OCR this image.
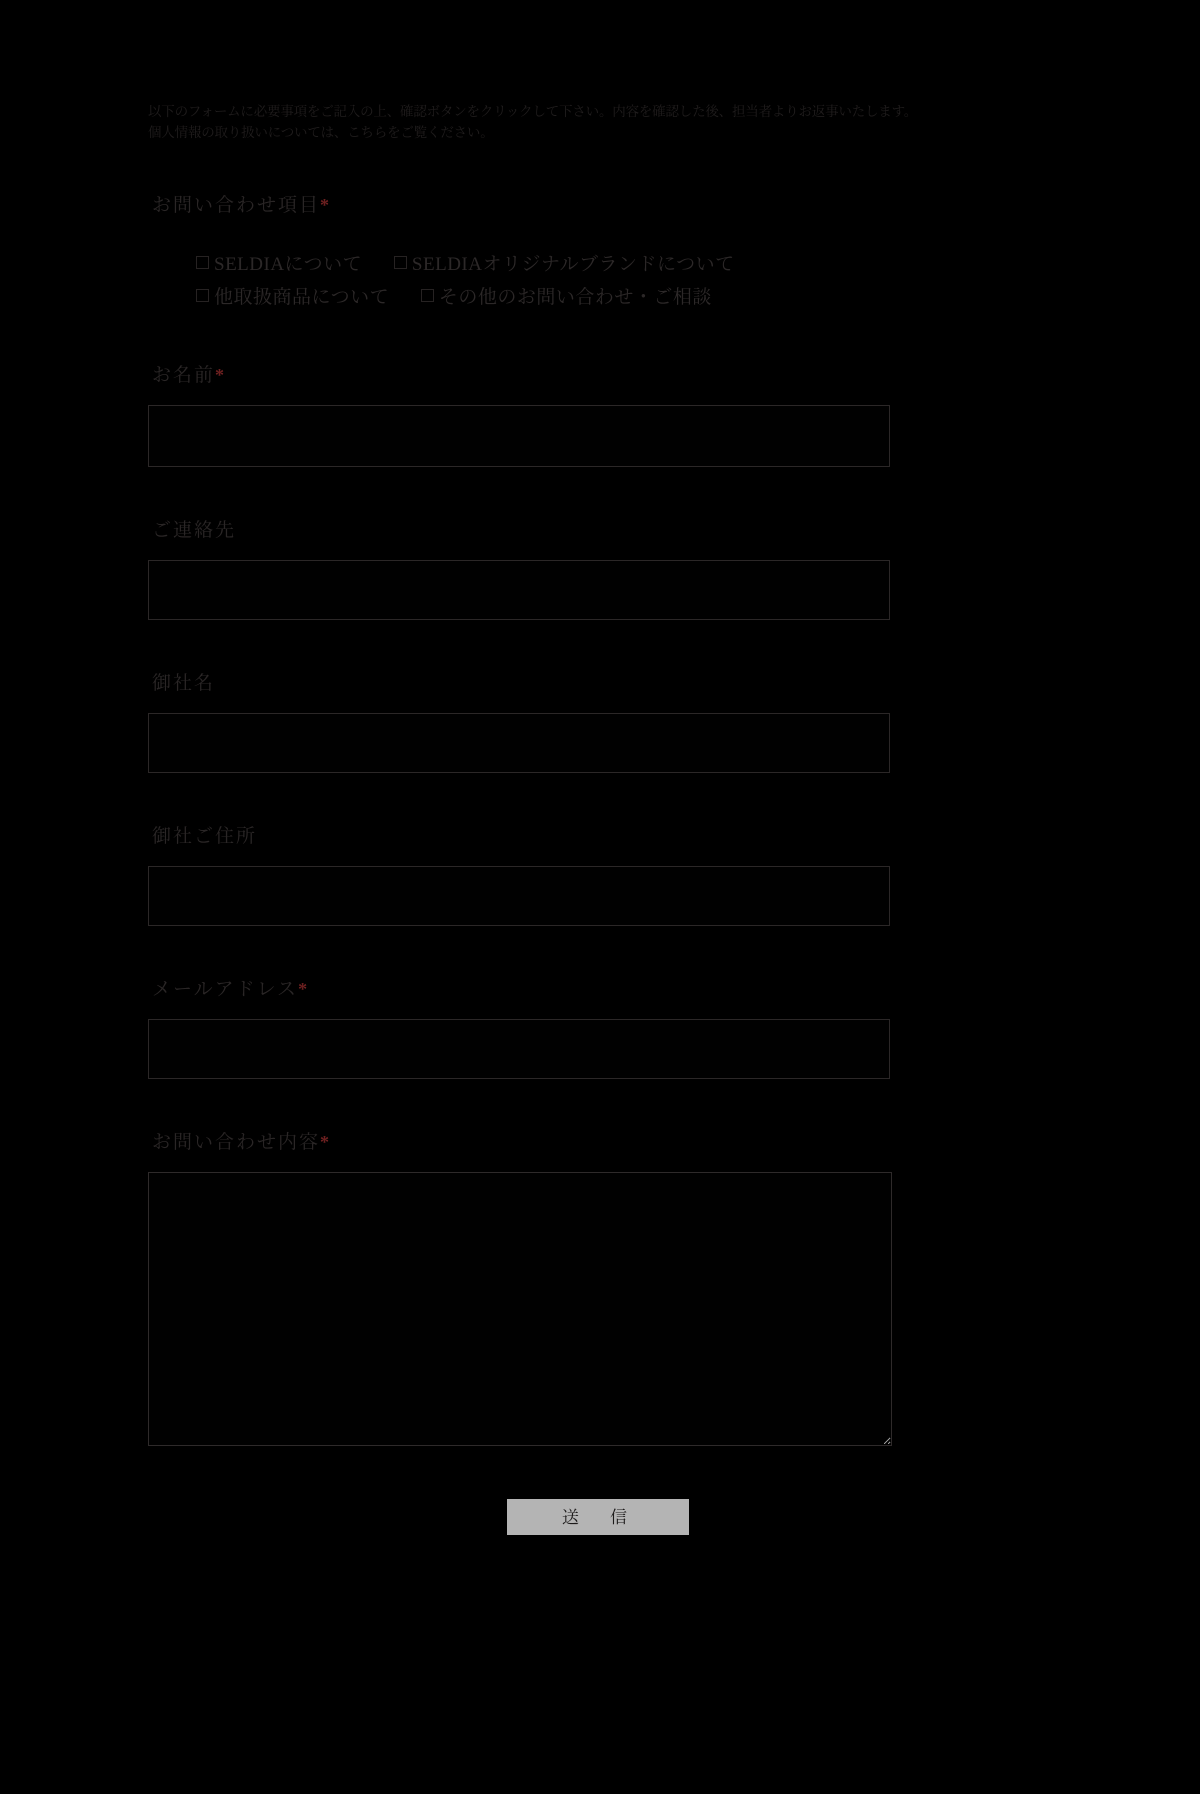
以下のフォームに必要事項をご記入の上、確認ボタンをクリックして下さい。内容を確認した後、担当者よりお返事いたします。
個人情報の取り扱いについては、こちらをご覧ください。
お問い合わせ項目*
SELDIAについて	SELDIAオリジナルブランドについて
他取扱商品について	その他のお問い合わせ・ご相談
お名前*
ご連絡先
御社名
御社ご住所
メールアドレス*
お問い合わせ内容*
送　信
